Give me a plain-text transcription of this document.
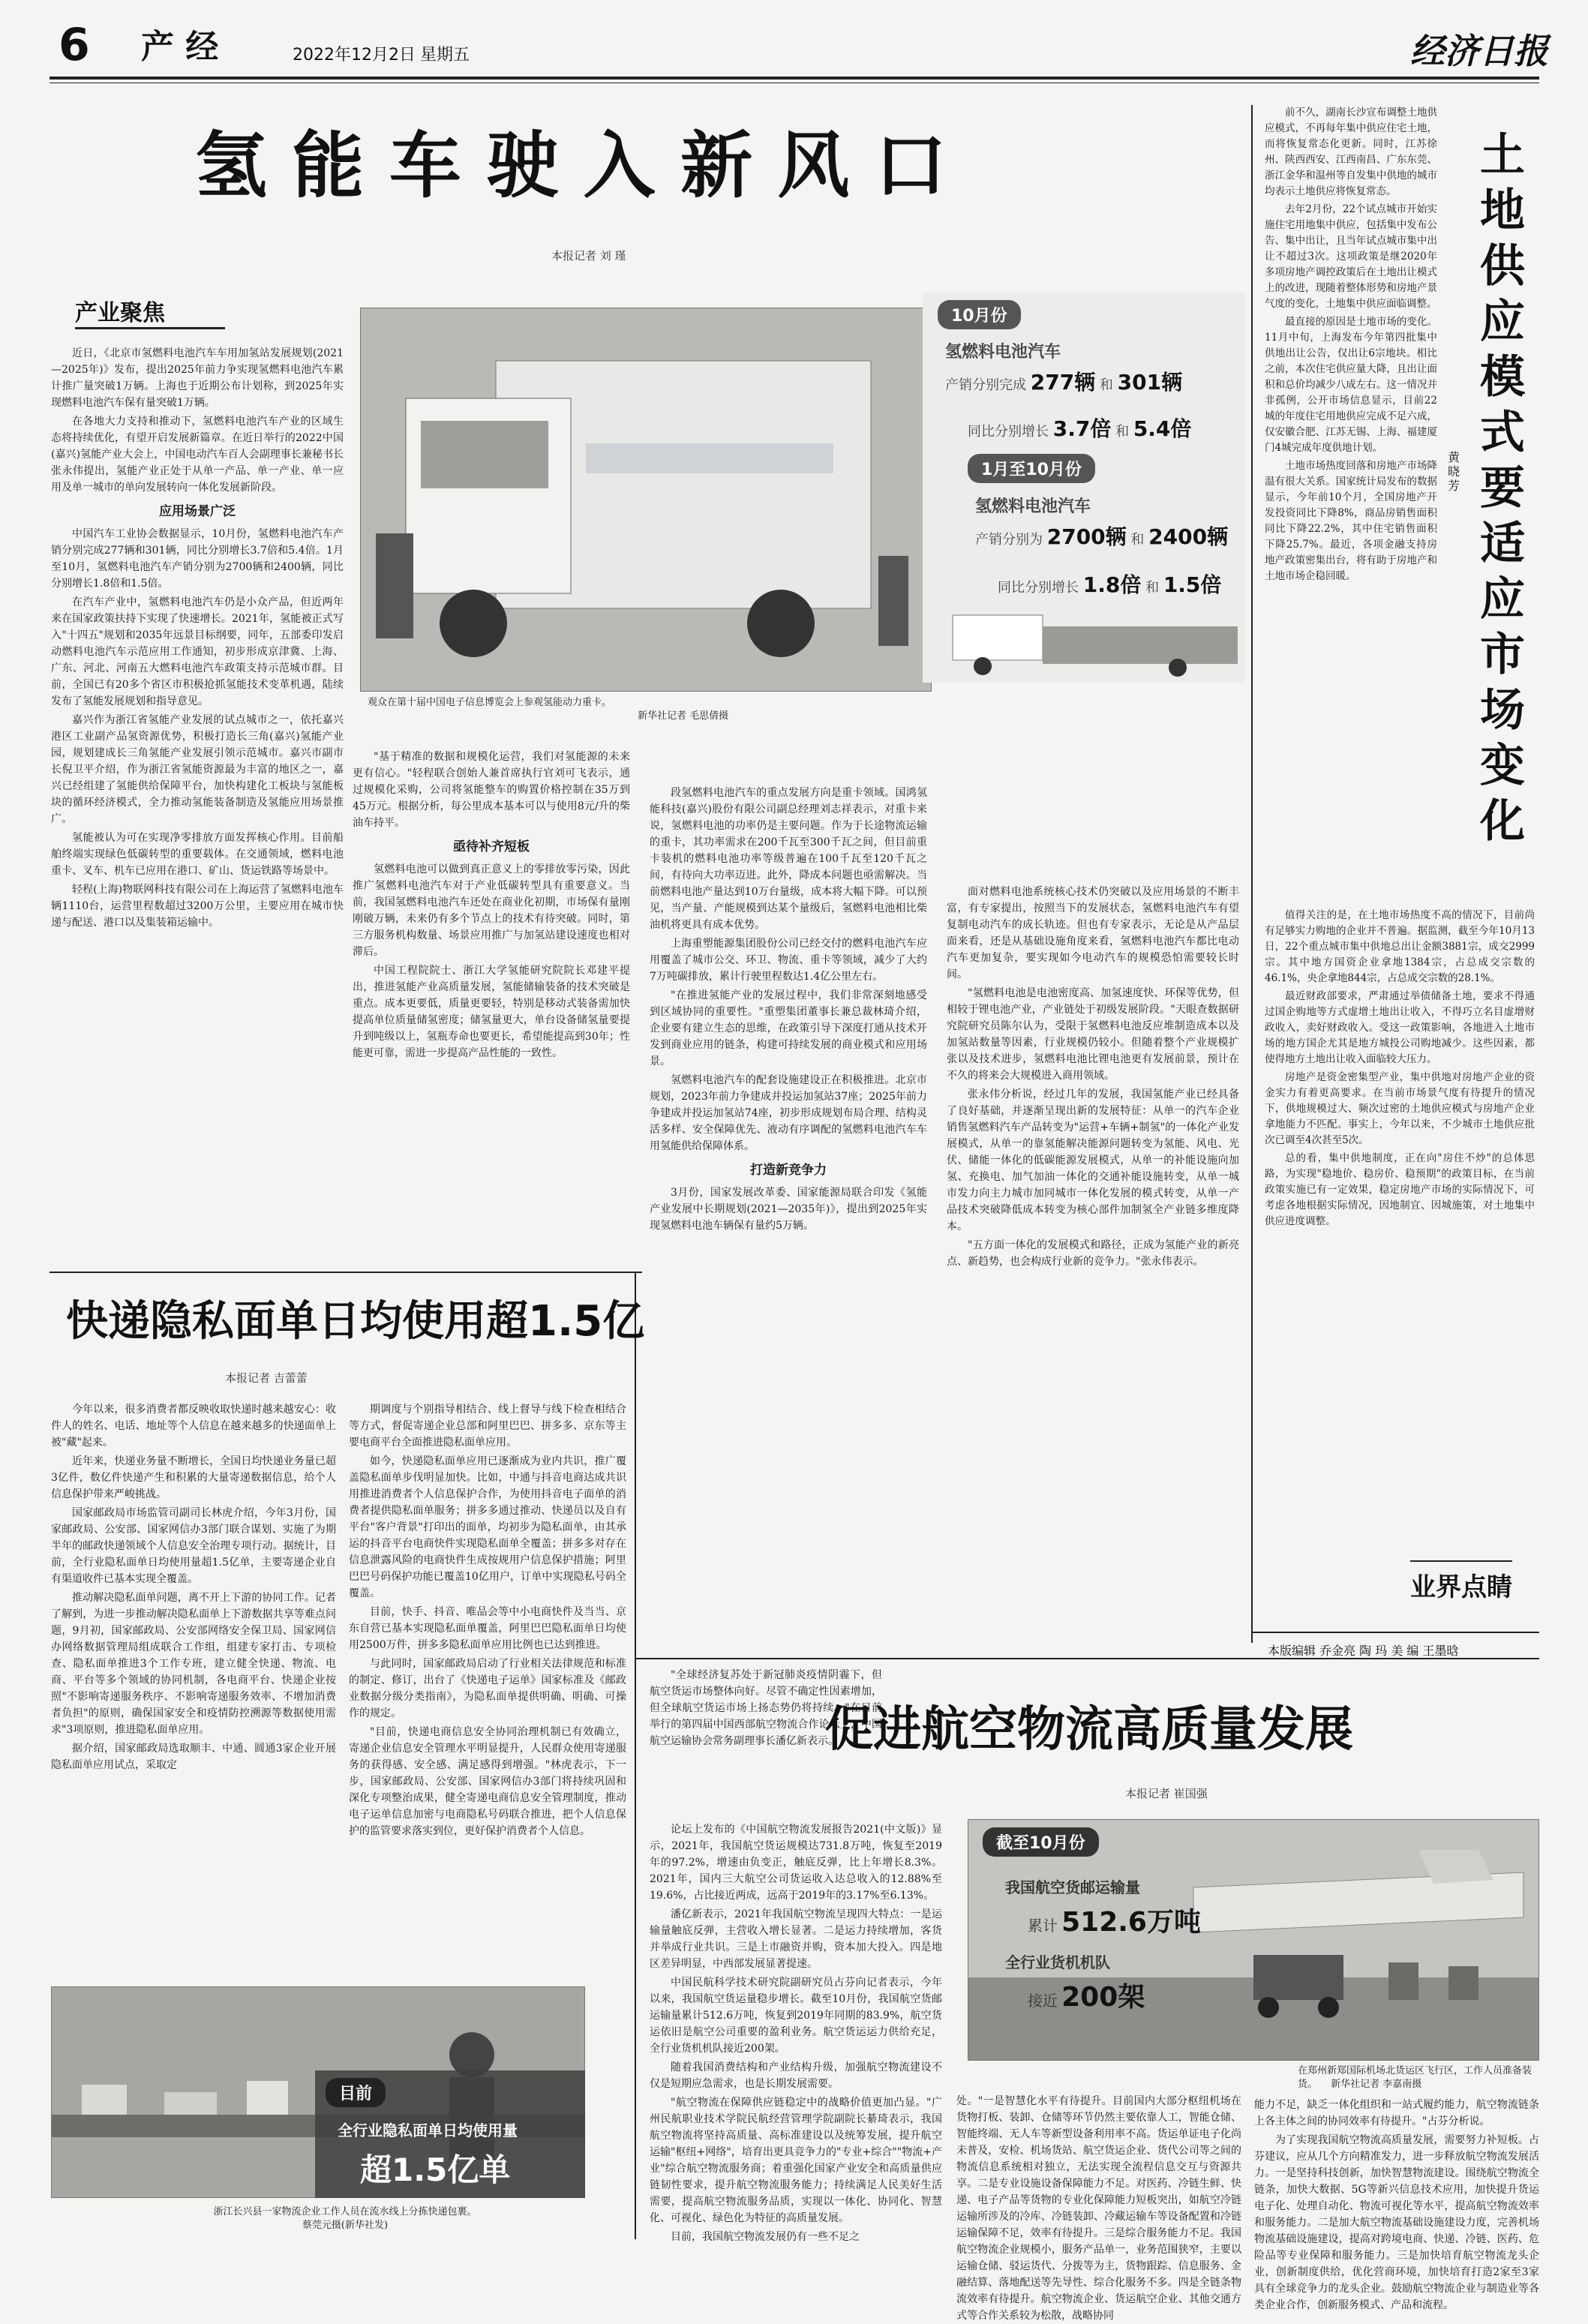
6 产 经	2022年12月2日 星期五	经济日报
氢 能 车 驶 入 新 风 口
本报记者 刘 瑾
产业聚焦

近日，《北京市氢燃料电池汽车车用加氢站发展规划(2021—2025年)》发布，提出2025年前力争实现氢燃料电池汽车累计推广量突破1万辆。上海也于近期公布计划称，到2025年实现燃料电池汽车保有量突破1万辆。

在各地大力支持和推动下，氢燃料电池汽车产业的区域生态将持续优化，有望开启发展新篇章。在近日举行的2022中国(嘉兴)氢能产业大会上，中国电动汽车百人会副理事长兼秘书长张永伟提出，氢能产业正处于从单一产品、单一产业、单一应用及单一城市的单向发展转向一体化发展新阶段。

应用场景广泛

中国汽车工业协会数据显示，10月份，氢燃料电池汽车产销分别完成277辆和301辆，同比分别增长3.7倍和5.4倍。1月至10月，氢燃料电池汽车产销分别为2700辆和2400辆，同比分别增长1.8倍和1.5倍。

在汽车产业中，氢燃料电池汽车仍是小众产品，但近两年来在国家政策扶持下实现了快速增长。2021年，氢能被正式写入"十四五"规划和2035年远景目标纲要，同年，五部委印发启动燃料电池汽车示范应用工作通知，初步形成京津冀、上海、广东、河北、河南五大燃料电池汽车政策支持示范城市群。目前，全国已有20多个省区市积极抢抓氢能技术变革机遇，陆续发布了氢能发展规划和指导意见。

嘉兴作为浙江省氢能产业发展的试点城市之一，依托嘉兴港区工业副产品氢资源优势，积极打造长三角(嘉兴)氢能产业园，规划建成长三角氢能产业发展引领示范城市。嘉兴市副市长倪卫平介绍，作为浙江省氢能资源最为丰富的地区之一，嘉兴已经组建了氢能供给保障平台，加快构建化工板块与氢能板块的循环经济模式，全力推动氢能装备制造及氢能应用场景推广。

氢能被认为可在实现净零排放方面发挥核心作用。目前船舶终端实现绿色低碳转型的重要载体。在交通领域，燃料电池重卡、叉车、机车已应用在港口、矿山、货运铁路等场景中。

轻程(上海)物联网科技有限公司在上海运营了氢燃料电池车辆1110台，运营里程数超过3200万公里，主要应用在城市快递与配送、港口以及集装箱运输中。

观众在第十届中国电子信息博览会上参观氢能动力重卡。
新华社记者 毛思倩摄
10月份
氢燃料电池汽车
产销分别完成 277辆 和 301辆
同比分别增长 3.7倍 和 5.4倍
1月至10月份
氢燃料电池汽车
产销分别为 2700辆 和 2400辆
同比分别增长 1.8倍 和 1.5倍

"基于精准的数据和规模化运营，我们对氢能源的未来更有信心。"轻程联合创始人兼首席执行官刘可飞表示，通过规模化采购，公司将氢能整车的购置价格控制在35万到45万元。根据分析，每公里成本基本可以与使用8元/升的柴油车持平。

亟待补齐短板

氢燃料电池可以做到真正意义上的零排放零污染，因此推广氢燃料电池汽车对于产业低碳转型具有重要意义。当前，我国氢燃料电池汽车还处在商业化初期，市场保有量刚刚破万辆，未来仍有多个节点上的技术有待突破。同时，第三方服务机构数量、场景应用推广与加氢站建设速度也相对滞后。

中国工程院院士、浙江大学氢能研究院院长邓建平提出，推进氢能产业高质量发展，氢能储输装备的技术突破是重点。成本更要低，质量更要轻，特别是移动式装备需加快提高单位质量储氢密度；储氢量更大，单台设备储氢量要提升到吨级以上，氢瓶寿命也要更长，希望能提高到30年；性能更可靠，需进一步提高产品性能的一致性。

段氢燃料电池汽车的重点发展方向是重卡领域。国鸿氢能科技(嘉兴)股份有限公司副总经理刘志祥表示，对重卡来说，氢燃料电池的功率仍是主要问题。作为于长途物流运输的重卡，其功率需求在200千瓦至300千瓦之间，但目前重卡装机的燃料电池功率等级普遍在100千瓦至120千瓦之间，有待向大功率迈进。此外，降成本问题也亟需解决。当前燃料电池产量达到10万台量级，成本将大幅下降。可以预见，当产量、产能规模到达某个量级后，氢燃料电池相比柴油机将更具有成本优势。

上海重塑能源集团股份公司已经交付的燃料电池汽车应用覆盖了城市公交、环卫、物流、重卡等领域，减少了大约7万吨碳排放，累计行驶里程数达1.4亿公里左右。

"在推进氢能产业的发展过程中，我们非常深刻地感受到区域协同的重要性。"重塑集团董事长兼总裁林琦介绍，企业要有建立生态的思维，在政策引导下深度打通从技术开发到商业应用的链条，构建可持续发展的商业模式和应用场景。

氢燃料电池汽车的配套设施建设正在积极推进。北京市规划，2023年前力争建成并投运加氢站37座；2025年前力争建成并投运加氢站74座，初步形成规划布局合理、结构灵活多样、安全保障优先、液动有序调配的氢燃料电池汽车车用氢能供给保障体系。

打造新竞争力

3月份，国家发展改革委、国家能源局联合印发《氢能产业发展中长期规划(2021—2035年)》，提出到2025年实现氢燃料电池车辆保有量约5万辆。

面对燃料电池系统核心技术仍突破以及应用场景的不断丰富，有专家提出，按照当下的发展状态，氢燃料电池汽车有望复制电动汽车的成长轨迹。但也有专家表示，无论是从产品层面来看，还是从基础设施角度来看，氢燃料电池汽车都比电动汽车更加复杂，要实现如今电动汽车的规模恐怕需要较长时间。

"氢燃料电池是电池密度高、加氢速度快、环保等优势，但相较于锂电池产业，产业链处于初级发展阶段。"天眼查数据研究院研究员陈尔认为，受限于氢燃料电池反应堆制造成本以及加氢站数量等因素，行业规模仍较小。但随着整个产业规模扩张以及技术进步，氢燃料电池比锂电池更有发展前景，预计在不久的将来会大规模进入商用领域。

张永伟分析说，经过几年的发展，我国氢能产业已经具备了良好基础，并逐渐呈现出新的发展特征：从单一的汽车企业销售氢燃料汽车产品转变为"运营+车辆+制氢"的一体化产业发展模式，从单一的靠氢能解决能源问题转变为氢能、风电、光伏、储能一体化的低碳能源发展模式，从单一的补能设施向加氢、充换电、加气加油一体化的交通补能设施转变，从单一城市发力向主力城市加同城市一体化发展的模式转变，从单一产品技术突破降低成本转变为核心部件加制氢全产业链多维度降本。

"五方面一体化的发展模式和路径，正成为氢能产业的新亮点、新趋势，也会构成行业新的竞争力。"张永伟表示。

前不久，湖南长沙宣布调整土地供应模式，不再每年集中供应住宅土地，而将恢复常态化更新。同时，江苏徐州、陕西西安、江西南昌、广东东莞、浙江金华和温州等自发集中供地的城市均表示土地供应将恢复常态。

去年2月份，22个试点城市开始实施住宅用地集中供应，包括集中发布公告、集中出让，且当年试点城市集中出让不超过3次。这项政策是继2020年多项房地产调控政策后在土地出让模式上的改进，现随着整体形势和房地产景气度的变化，土地集中供应面临调整。

最直接的原因是土地市场的变化。11月中旬，上海发布今年第四批集中供地出让公告，仅出让6宗地块。相比之前，本次住宅供应量大降，且出让面积和总价均减少八成左右。这一情况并非孤例，公开市场信息显示，目前22城的年度住宅用地供应完成不足六成，仅安徽合肥、江苏无锡、上海、福建厦门4城完成年度供地计划。

土地市场热度回落和房地产市场降温有很大关系。国家统计局发布的数据显示，今年前10个月，全国房地产开发投资同比下降8%，商品房销售面积同比下降22.2%，其中住宅销售面积下降25.7%。最近，各项金融支持房地产政策密集出台，将有助于房地产和土地市场企稳回暖。

土地供应模式要适应市场变化
黄晓芳

值得关注的是，在土地市场热度不高的情况下，目前尚有足够实力购地的企业并不普遍。据监测，截至今年10月13日，22个重点城市集中供地总出让金额3881宗，成交2999宗。其中地方国资企业拿地1384宗，占总成交宗数的46.1%，央企拿地844宗，占总成交宗数的28.1%。

最近财政部要求，严肃通过举债储备土地，要求不得通过国企购地等方式虚增土地出让收入，不得巧立名目虚增财政收入，卖好财政收入。受这一政策影响，各地进入土地市场的地方国企尤其是地方城投公司购地减少。这些因素，都使得地方土地出让收入面临较大压力。

房地产是资金密集型产业，集中供地对房地产企业的资金实力有着更高要求。在当前市场景气度有待提升的情况下，供地规模过大、频次过密的土地供应模式与房地产企业拿地能力不匹配。事实上，今年以来，不少城市土地供应批次已调至4次甚至5次。

总的看，集中供地制度，正在向"房住不炒"的总体思路，为实现"稳地价、稳房价、稳预期"的政策目标，在当前政策实施已有一定效果，稳定房地产市场的实际情况下，可考虑各地根据实际情况，因地制宜、因城施策，对土地集中供应进度调整。

业界点睛
本版编辑 乔金亮 陶 玛 美 编 王墨晗
快递隐私面单日均使用超1.5亿
本报记者 吉蕾蕾

今年以来，很多消费者都反映收取快递时越来越安心：收件人的姓名、电话、地址等个人信息在越来越多的快递面单上被"藏"起来。

近年来，快递业务量不断增长，全国日均快递业务量已超3亿件，数亿件快递产生和积累的大量寄递数据信息，给个人信息保护带来严峻挑战。

国家邮政局市场监管司副司长林虎介绍，今年3月份，国家邮政局、公安部、国家网信办3部门联合谋划、实施了为期半年的邮政快递领域个人信息安全治理专项行动。据统计，目前，全行业隐私面单日均使用量超1.5亿单，主要寄递企业自有渠道收件已基本实现全覆盖。

推动解决隐私面单问题，离不开上下游的协同工作。记者了解到，为进一步推动解决隐私面单上下游数据共享等难点问题，9月初，国家邮政局、公安部网络安全保卫局、国家网信办网络数据管理局组成联合工作组，组建专家打击、专项检查、隐私面单推进3个工作专班，建立健全快递、物流、电商、平台等多个领域的协同机制，各电商平台、快递企业按照"不影响寄递服务秩序、不影响寄递服务效率、不增加消费者负担"的原则，确保国家安全和疫情防控溯源等数据使用需求"3项原则，推进隐私面单应用。

据介绍，国家邮政局选取顺丰、中通、圆通3家企业开展隐私面单应用试点，采取定

期调度与个别指导相结合、线上督导与线下检查相结合等方式，督促寄递企业总部和阿里巴巴、拼多多、京东等主要电商平台全面推进隐私面单应用。

如今，快递隐私面单应用已逐渐成为业内共识，推广覆盖隐私面单步伐明显加快。比如，中通与抖音电商达成共识用推进消费者个人信息保护合作，为使用抖音电子面单的消费者提供隐私面单服务；拼多多通过推动、快递员以及自有平台"客户背景"打印出的面单，均初步为隐私面单，由其承运的抖音平台电商快件实现隐私面单全覆盖；拼多多对存在信息泄露风险的电商快件生成按规用户信息保护措施；阿里巴巴号码保护功能已覆盖10亿用户，订单中实现隐私号码全覆盖。

目前，快手、抖音、唯品会等中小电商快件及当当、京东自营已基本实现隐私面单覆盖，阿里巴巴隐私面单日均使用2500万件，拼多多隐私面单应用比例也已达到推进。

与此同时，国家邮政局启动了行业相关法律规范和标准的制定、修订，出台了《快递电子运单》国家标准及《邮政业数据分级分类指南》，为隐私面单提供明确、明确、可操作的规定。

"目前，快递电商信息安全协同治理机制已有效确立，寄递企业信息安全管理水平明显提升，人民群众使用寄递服务的获得感、安全感、满足感得到增强。"林虎表示，下一步，国家邮政局、公安部、国家网信办3部门将持续巩固和深化专项整治成果，健全寄递电商信息安全管理制度，推动电子运单信息加密与电商隐私号码联合推进，把个人信息保护的监管要求落实到位，更好保护消费者个人信息。

目前
全行业隐私面单日均使用量
超1.5亿单
浙江长兴县一家物流企业工作人员在流水线上分拣快递包裹。
蔡莞元摄(新华社发)

"全球经济复苏处于新冠肺炎疫情阴霾下，但航空货运市场整体向好。尽管不确定性因素增加，但全球航空货运市场上扬态势仍将持续。"在日前举行的第四届中国西部航空物流合作论坛上，中国航空运输协会常务副理事长潘亿新表示。

促进航空物流高质量发展
本报记者 崔国强

论坛上发布的《中国航空物流发展报告2021(中文版)》显示，2021年，我国航空货运规模达731.8万吨，恢复至2019年的97.2%，增速由负变正，触底反弹，比上年增长8.3%。2021年，国内三大航空公司货运收入达总收入的12.88%至19.6%，占比接近两成，远高于2019年的3.17%至6.13%。

潘亿新表示，2021年我国航空物流呈现四大特点：一是运输量触底反弹，主营收入增长显著。二是运力持续增加，客货并举成行业共识。三是上市融资并购，资本加大投入。四是地区差异明显，中西部发展显著提速。

中国民航科学技术研究院副研究员占芬向记者表示，今年以来，我国航空货运量稳步增长。截至10月份，我国航空货邮运输量累计512.6万吨，恢复到2019年同期的83.9%，航空货运依旧是航空公司重要的盈利业务。航空货运运力供给充足，全行业货机机队接近200架。

随着我国消费结构和产业结构升级，加强航空物流建设不仅是短期应急需求，也是长期发展需要。

"航空物流在保障供应链稳定中的战略价值更加凸显。"广州民航职业技术学院民航经营管理学院副院长綦琦表示，我国航空物流将坚持高质量、高标准建设以及统筹发展，提升航空运输"枢纽+网络"，培育出更具竞争力的"专业+综合""物流+产业"综合航空物流服务商；着重强化国家产业安全和高质量供应链韧性要求，提升航空物流服务能力；持续满足人民美好生活需要，提高航空物流服务品质，实现以一体化、协同化、智慧化、可视化、绿色化为特征的高质量发展。

目前，我国航空物流发展仍有一些不足之

截至10月份
我国航空货邮运输量
累计 512.6万吨
全行业货机机队
接近 200架
在郑州新郑国际机场北货运区飞行区，工作人员准备装货。 新华社记者 李嘉南摄

处。"一是智慧化水平有待提升。目前国内大部分枢纽机场在货物打板、装卸、仓储等环节仍然主要依靠人工，智能仓储、智能终端、无人车等新型设备利用率不高。货运单证电子化尚未普及，安检、机场货站、航空货运企业、货代公司等之间的物流信息系统相对独立，无法实现全流程信息交互与资源共享。二是专业设施设备保障能力不足。对医药、冷链生鲜、快递、电子产品等货物的专业化保障能力短板突出，如航空冷链运输所涉及的冷库、冷链装卸、冷藏运输车等设备配置和冷链运输保障不足，效率有待提升。三是综合服务能力不足。我国航空物流企业规模小，服务产品单一，业务范围狭窄，主要以运输仓储、驳运货代、分拨等为主，货物跟踪、信息服务、金融结算、落地配送等先导性、综合化服务不多。四是全链条物流效率有待提升。航空物流企业、货运航空企业、其他交通方式等合作关系较为松散，战略协同

能力不足，缺乏一体化组织和一站式履约能力，航空物流链条上各主体之间的协同效率有待提升。"占芬分析说。

为了实现我国航空物流高质量发展，需要努力补短板。占芬建议，应从几个方向精准发力，进一步释放航空物流发展活力。一是坚持科技创新，加快智慧物流建设。围绕航空物流全链条，加快大数据、5G等新兴信息技术应用，加快提升货运电子化、处理自动化、物流可视化等水平，提高航空物流效率和服务能力。二是加大航空物流基础设施建设力度，完善机场物流基础设施建设，提高对跨境电商、快递、冷链、医药、危险品等专业保障和服务能力。三是加快培育航空物流龙头企业，创新制度供给，优化营商环境，加快培育打造2家至3家具有全球竞争力的龙头企业。鼓励航空物流企业与制造业等各类企业合作，创新服务模式、产品和流程。
